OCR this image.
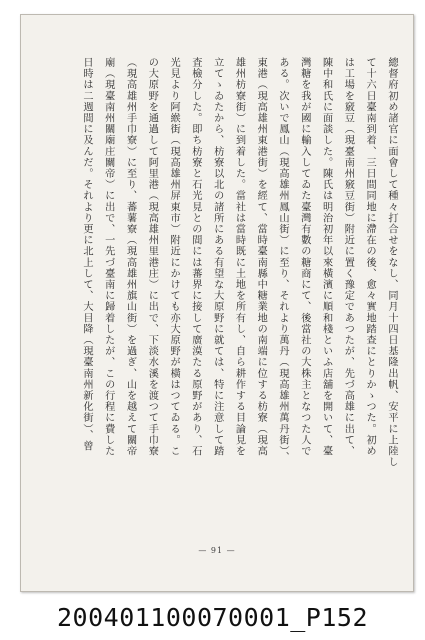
總督府初め諸官に面會して種々打合せをなし、同月十四日基隆出帆、安平に上陸し
て十六日臺南到着、三日間同地に滯在の後、愈々實地踏查にとりかゝつた。初め
は工場を竅豆（現臺南州竅豆街）附近に置く豫定であつたが、先づ高雄に出て、
陳中和氏に面談した。陳氏は明治初年以來橫濱に順和棧といふ店舖を開いて、臺
灣糖を我が國に輸入してゐた臺灣有數の糖商にて、後當社の大株主となつた人で
ある。次いで鳳山（現高雄州鳳山街）に至り、それより萬丹（現高雄州萬丹街）、
東港（現高雄州東港街）を經て、當時臺南縣中糖業地の南端に位する枋寮（現高
雄州枋寮街）に到着した。當社は當時既に土地を所有し、自ら耕作する目論見を
立てゝゐたから、枋寮以北の諸所にある有望な大原野に就ては、特に注意して踏
査檢分した。即ち枋寮と石光見との間には蕃界に接して廣漠たる原野があり、石
光見より阿緱街（現高雄州屏東市）附近にかけても亦大原野が橫はつてゐる。こ
の大原野を通過して阿里港（現高雄州里港庄）に出で、下淡水溪を渡つて手巾寮
（現高雄州手巾寮）に至り、蕃薯寮（現高雄州旗山街）を過ぎ、山を越えて關帝
廟（現臺南州關廟庄關帝）に出で、一先づ臺南に歸着したが、この行程に費した
日時は二週間に及んだ。それより更に北上して、大目降（現臺南州新化街）、曾
— 91 —
200401100070001_P152
